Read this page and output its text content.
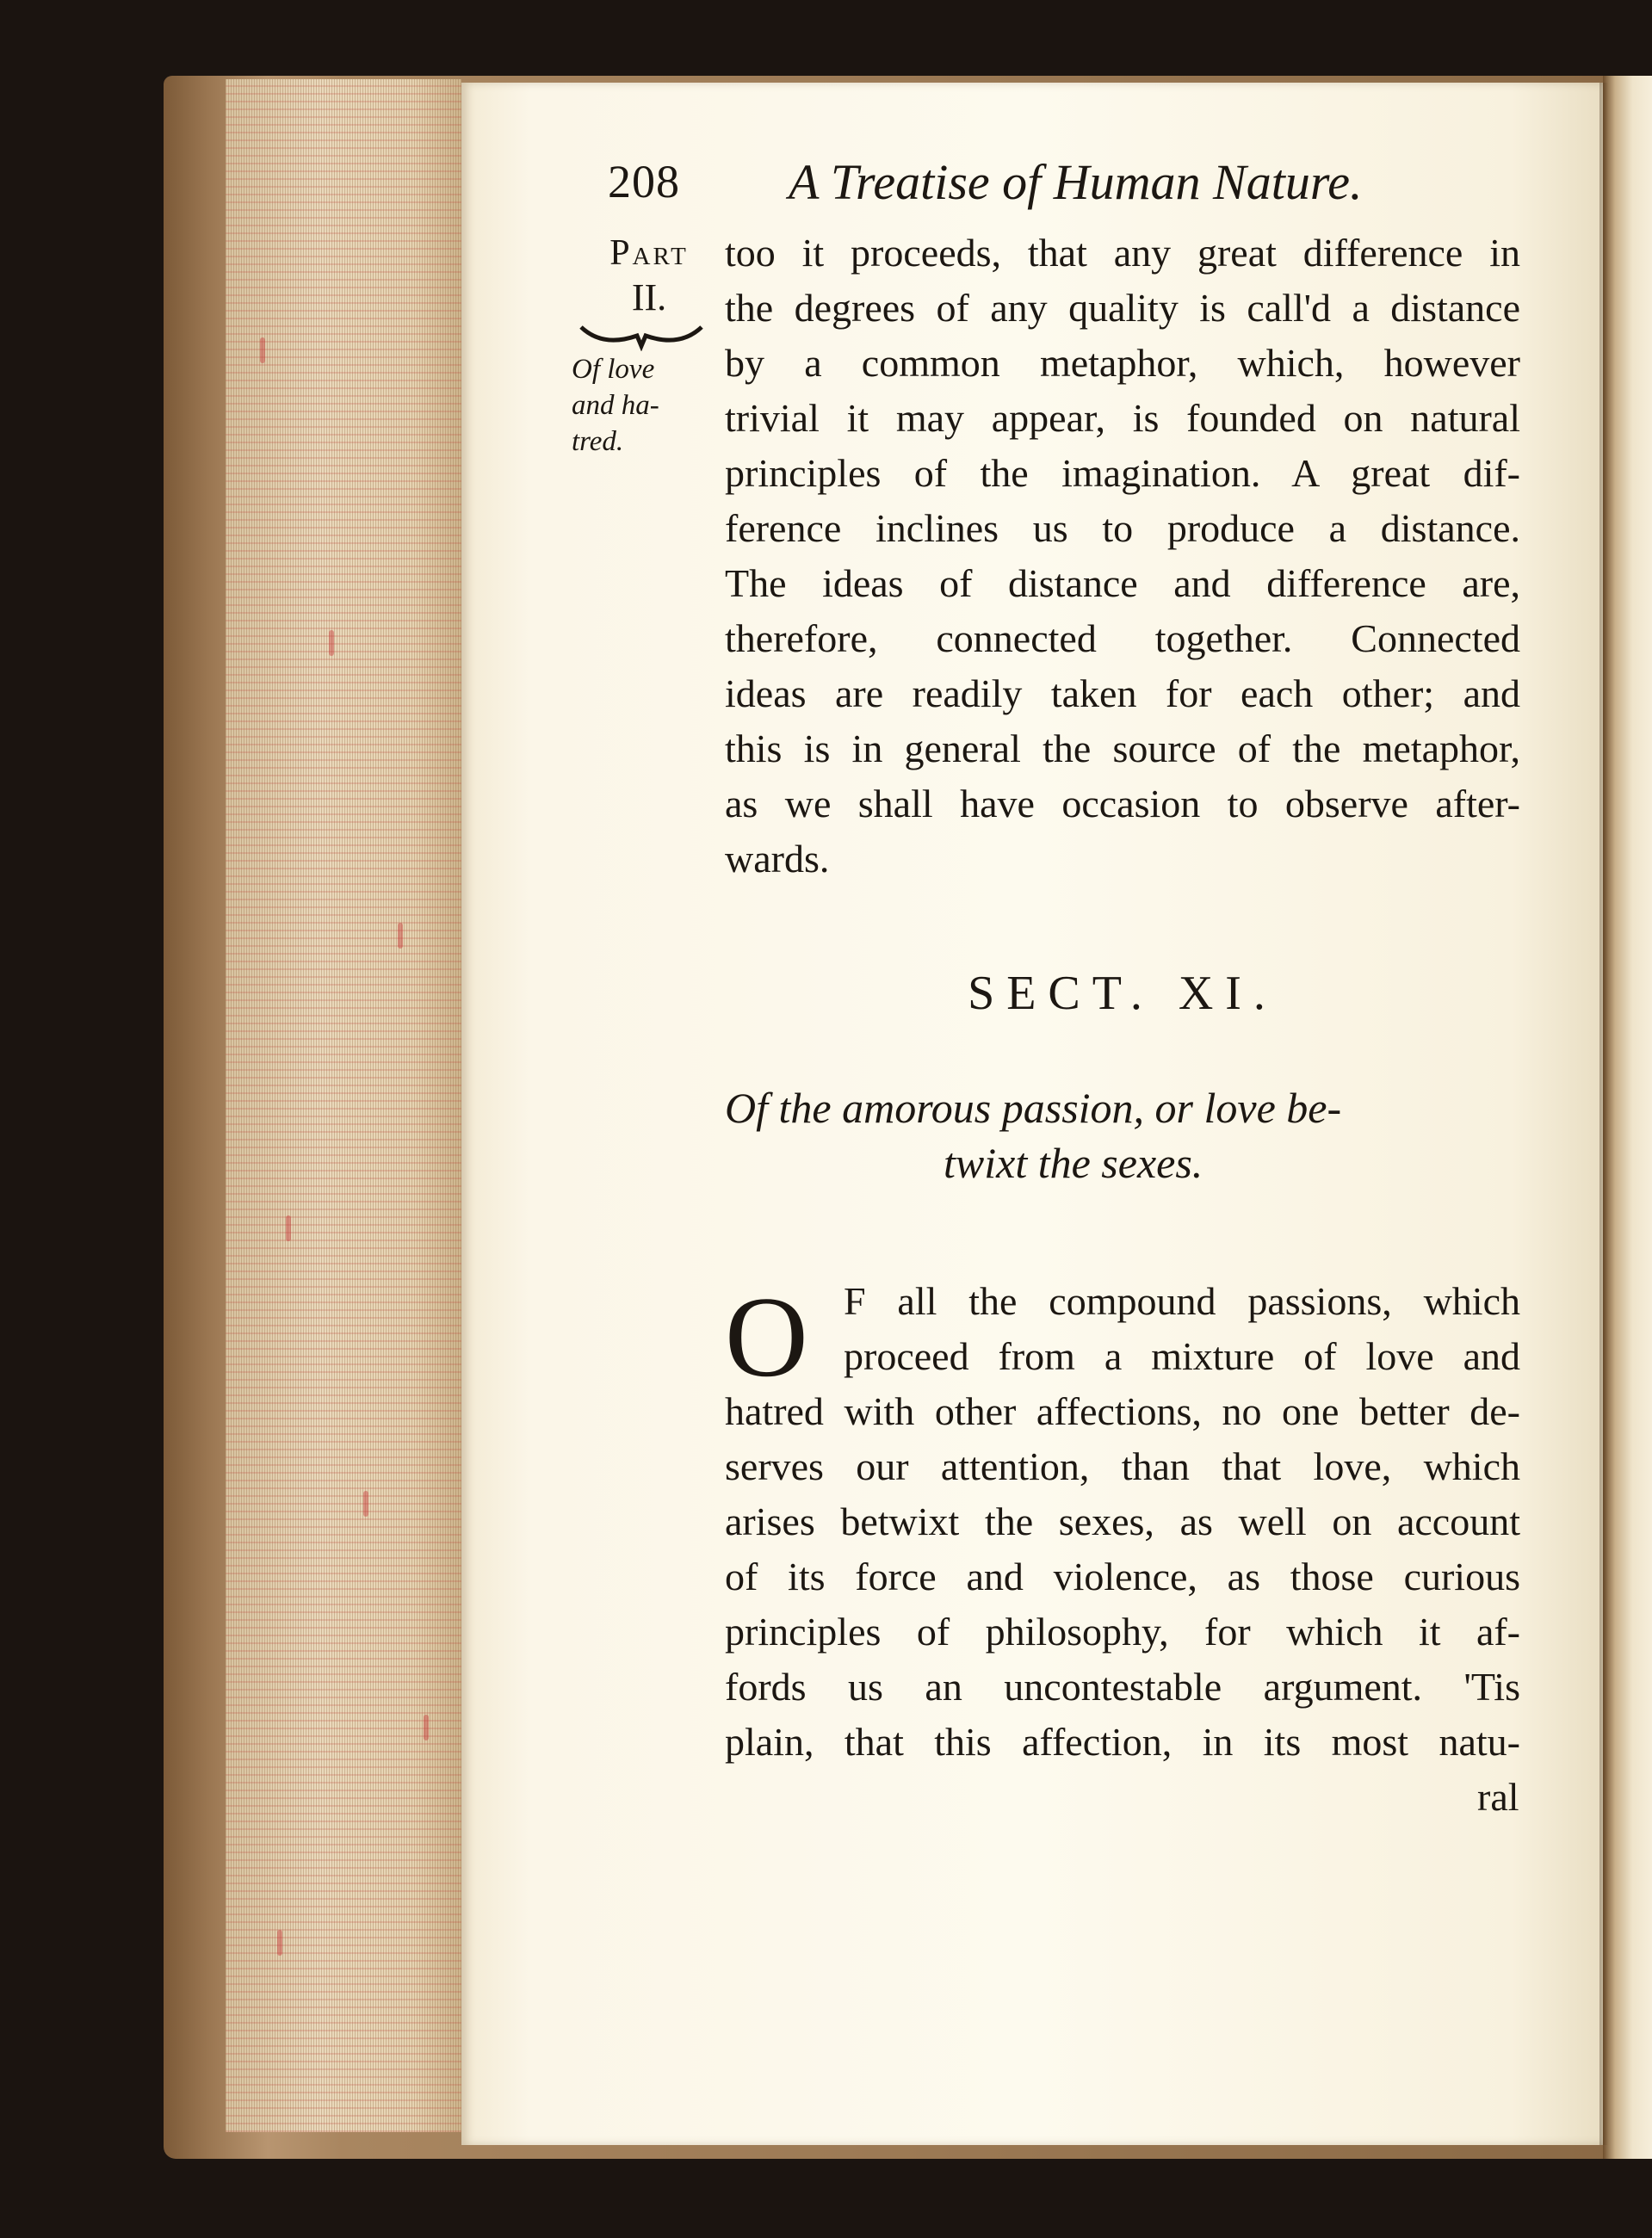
208 A Treatise of Human Nature.
Part
II.
Of love
and ha-
tred.
too it proceeds, that any great difference in
the degrees of any quality is call'd a distance
by a common metaphor, which, however
trivial it may appear, is founded on natural
principles of the imagination. A great dif-
ference inclines us to produce a distance.
The ideas of distance and difference are,
therefore, connected together. Connected
ideas are readily taken for each other; and
this is in general the source of the metaphor,
as we shall have occasion to observe after-
wards.
SECT. XI.
Of the amorous passion, or love be-
twixt the sexes.
O F all the compound passions, which
proceed from a mixture of love and
hatred with other affections, no one better de-
serves our attention, than that love, which
arises betwixt the sexes, as well on account
of its force and violence, as those curious
principles of philosophy, for which it af-
fords us an uncontestable argument. 'Tis
plain, that this affection, in its most natu-
ral
